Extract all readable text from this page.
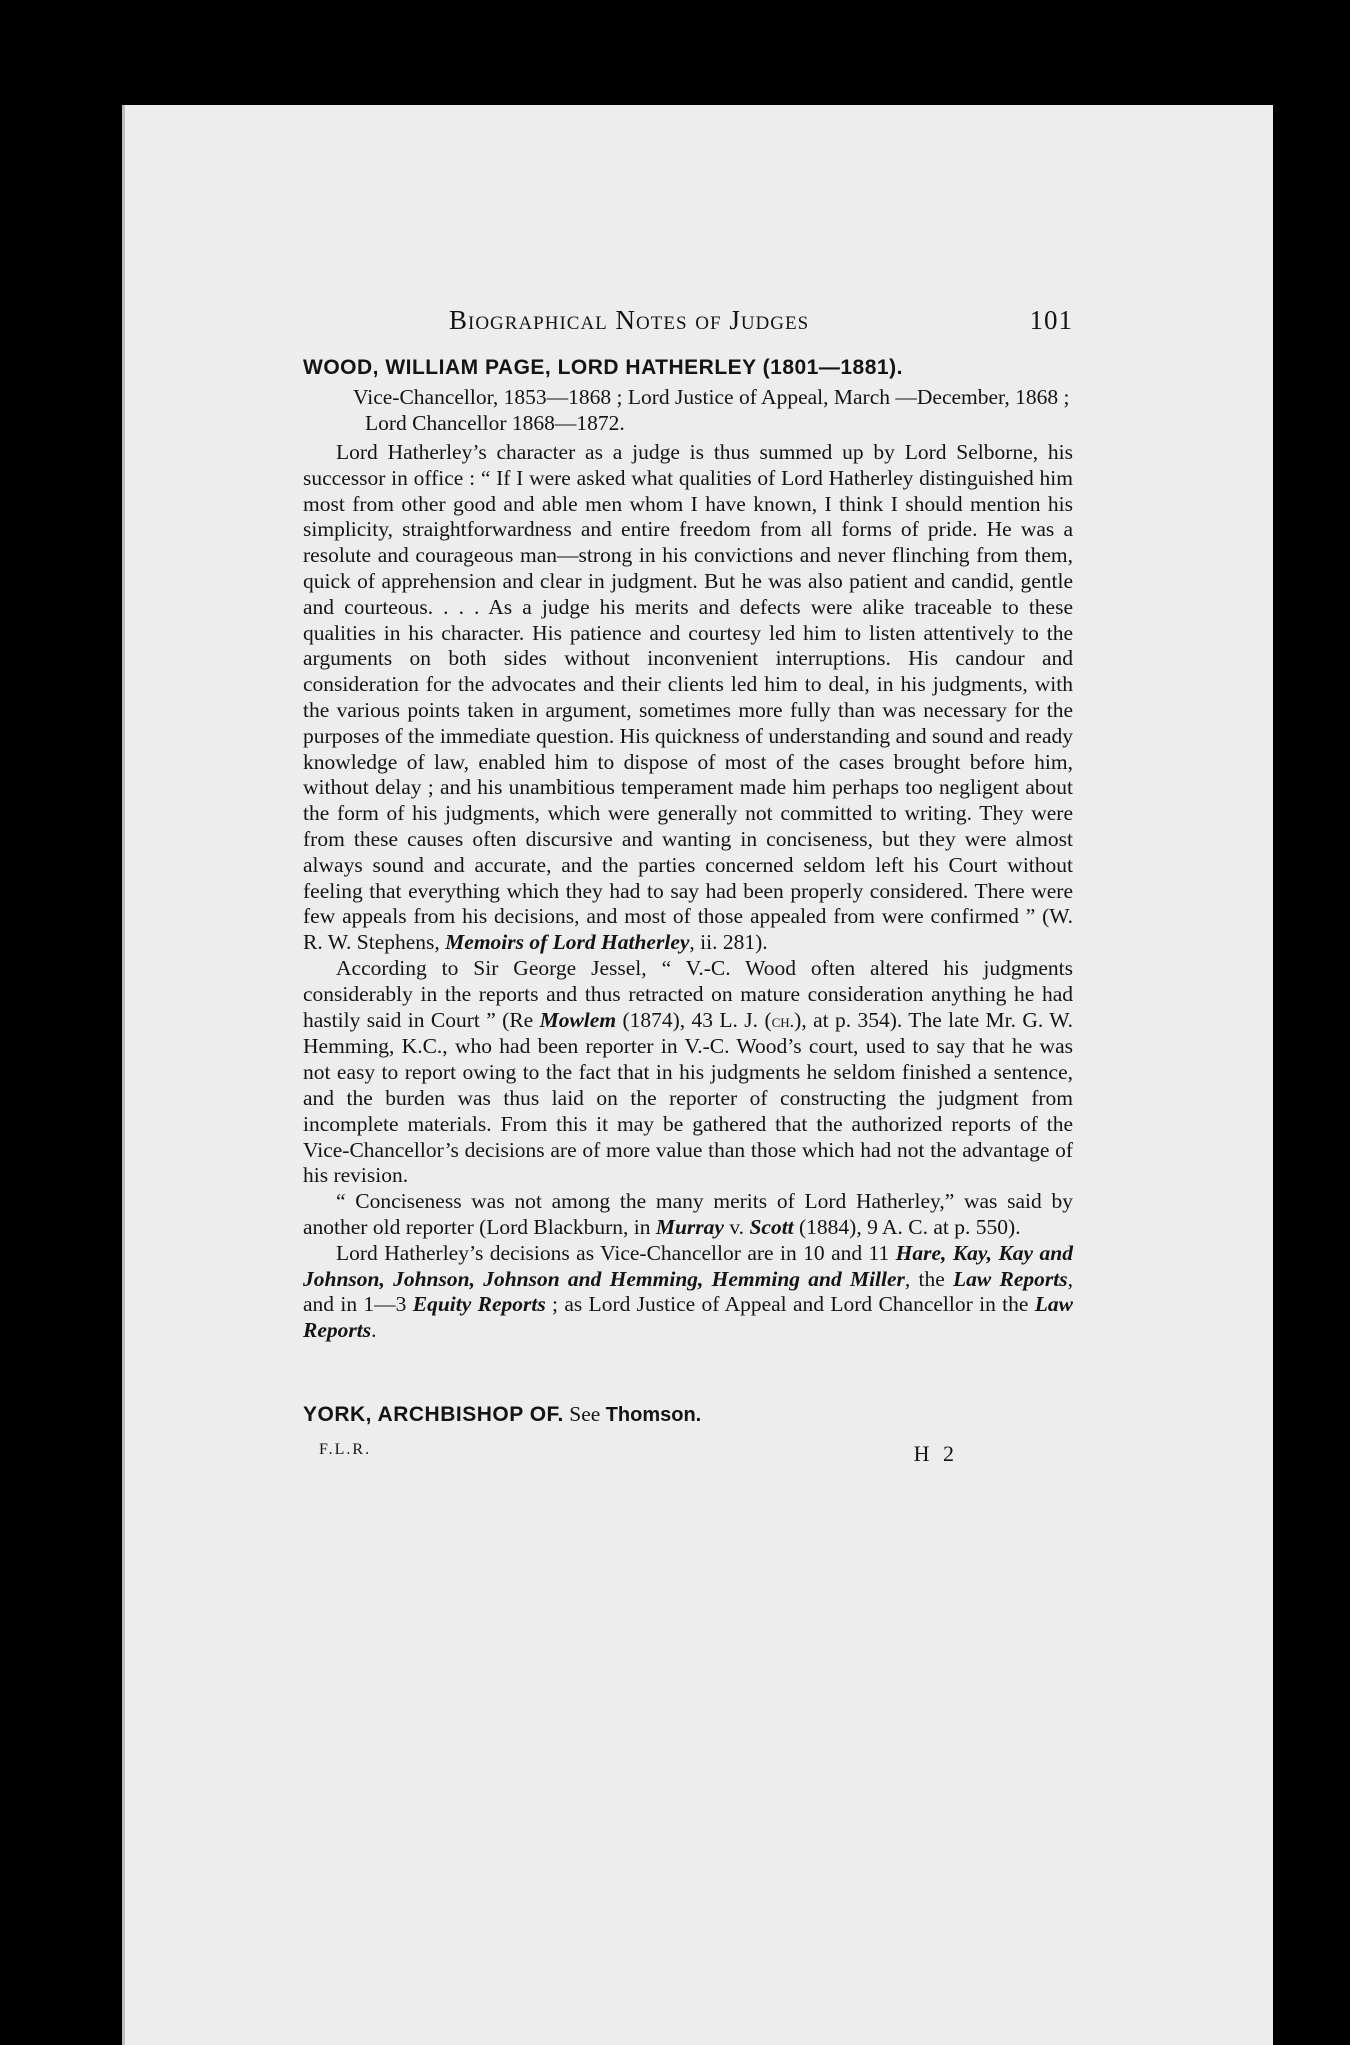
Biographical Notes of Judges	101
WOOD, WILLIAM PAGE, LORD HATHERLEY (1801—1881).

Vice-Chancellor, 1853—1868 ; Lord Justice of Appeal, March —December, 1868 ; Lord Chancellor 1868—1872.

Lord Hatherley’s character as a judge is thus summed up by Lord Selborne, his successor in office : “ If I were asked what qualities of Lord Hatherley distinguished him most from other good and able men whom I have known, I think I should mention his simplicity, straightforwardness and entire freedom from all forms of pride. He was a resolute and courageous man—strong in his convictions and never flinching from them, quick of apprehension and clear in judgment. But he was also patient and candid, gentle and courteous. . . . As a judge his merits and defects were alike traceable to these qualities in his character. His patience and courtesy led him to listen attentively to the arguments on both sides without inconvenient interruptions. His candour and consideration for the advocates and their clients led him to deal, in his judgments, with the various points taken in argument, sometimes more fully than was necessary for the purposes of the immediate question. His quickness of understanding and sound and ready knowledge of law, enabled him to dispose of most of the cases brought before him, without delay ; and his unambitious temperament made him perhaps too negligent about the form of his judgments, which were generally not committed to writing. They were from these causes often discursive and wanting in conciseness, but they were almost always sound and accurate, and the parties concerned seldom left his Court without feeling that everything which they had to say had been properly considered. There were few appeals from his decisions, and most of those appealed from were confirmed ” (W. R. W. Stephens, Memoirs of Lord Hatherley, ii. 281).

According to Sir George Jessel, “ V.-C. Wood often altered his judgments considerably in the reports and thus retracted on mature consideration anything he had hastily said in Court ” (Re Mowlem (1874), 43 L. J. (ch.), at p. 354). The late Mr. G. W. Hemming, K.C., who had been reporter in V.-C. Wood’s court, used to say that he was not easy to report owing to the fact that in his judgments he seldom finished a sentence, and the burden was thus laid on the reporter of constructing the judgment from incomplete materials. From this it may be gathered that the authorized reports of the Vice-Chancellor’s decisions are of more value than those which had not the advantage of his revision.

“ Conciseness was not among the many merits of Lord Hatherley,” was said by another old reporter (Lord Blackburn, in Murray v. Scott (1884), 9 A. C. at p. 550).

Lord Hatherley’s decisions as Vice-Chancellor are in 10 and 11 Hare, Kay, Kay and Johnson, Johnson, Johnson and Hemming, Hemming and Miller, the Law Reports, and in 1—3 Equity Reports ; as Lord Justice of Appeal and Lord Chancellor in the Law Reports.

YORK, ARCHBISHOP OF. See Thomson.
F.L.R.	H 2
